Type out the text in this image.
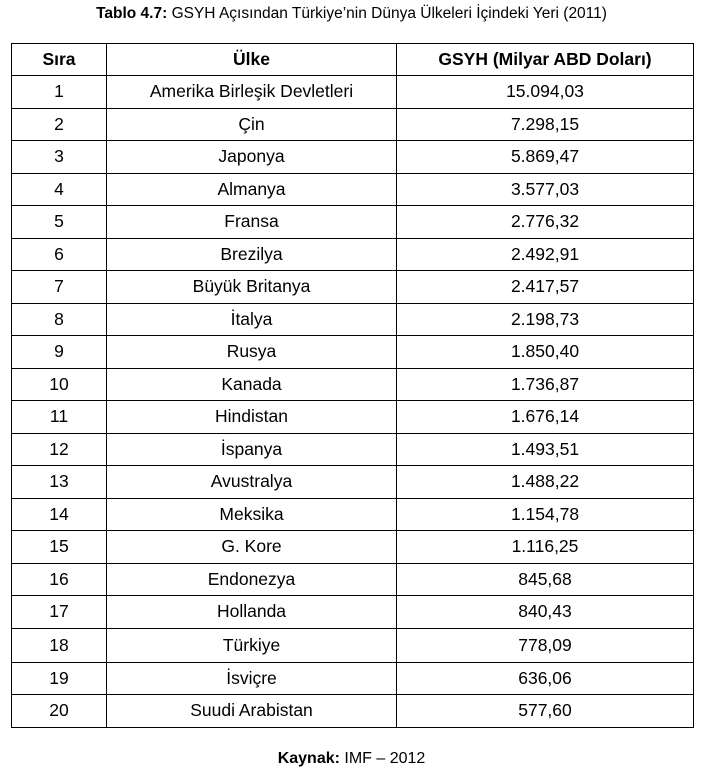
Tablo 4.7: GSYH Açısından Türkiye’nin Dünya Ülkeleri İçindeki Yeri (2011)
Sıra	Ülke	GSYH (Milyar ABD Doları)
1	Amerika Birleşik Devletleri	15.094,03
2	Çin	7.298,15
3	Japonya	5.869,47
4	Almanya	3.577,03
5	Fransa	2.776,32
6	Brezilya	2.492,91
7	Büyük Britanya	2.417,57
8	İtalya	2.198,73
9	Rusya	1.850,40
10	Kanada	1.736,87
11	Hindistan	1.676,14
12	İspanya	1.493,51
13	Avustralya	1.488,22
14	Meksika	1.154,78
15	G. Kore	1.116,25
16	Endonezya	845,68
17	Hollanda	840,43
18	Türkiye	778,09
19	İsviçre	636,06
20	Suudi Arabistan	577,60
Kaynak: IMF – 2012
